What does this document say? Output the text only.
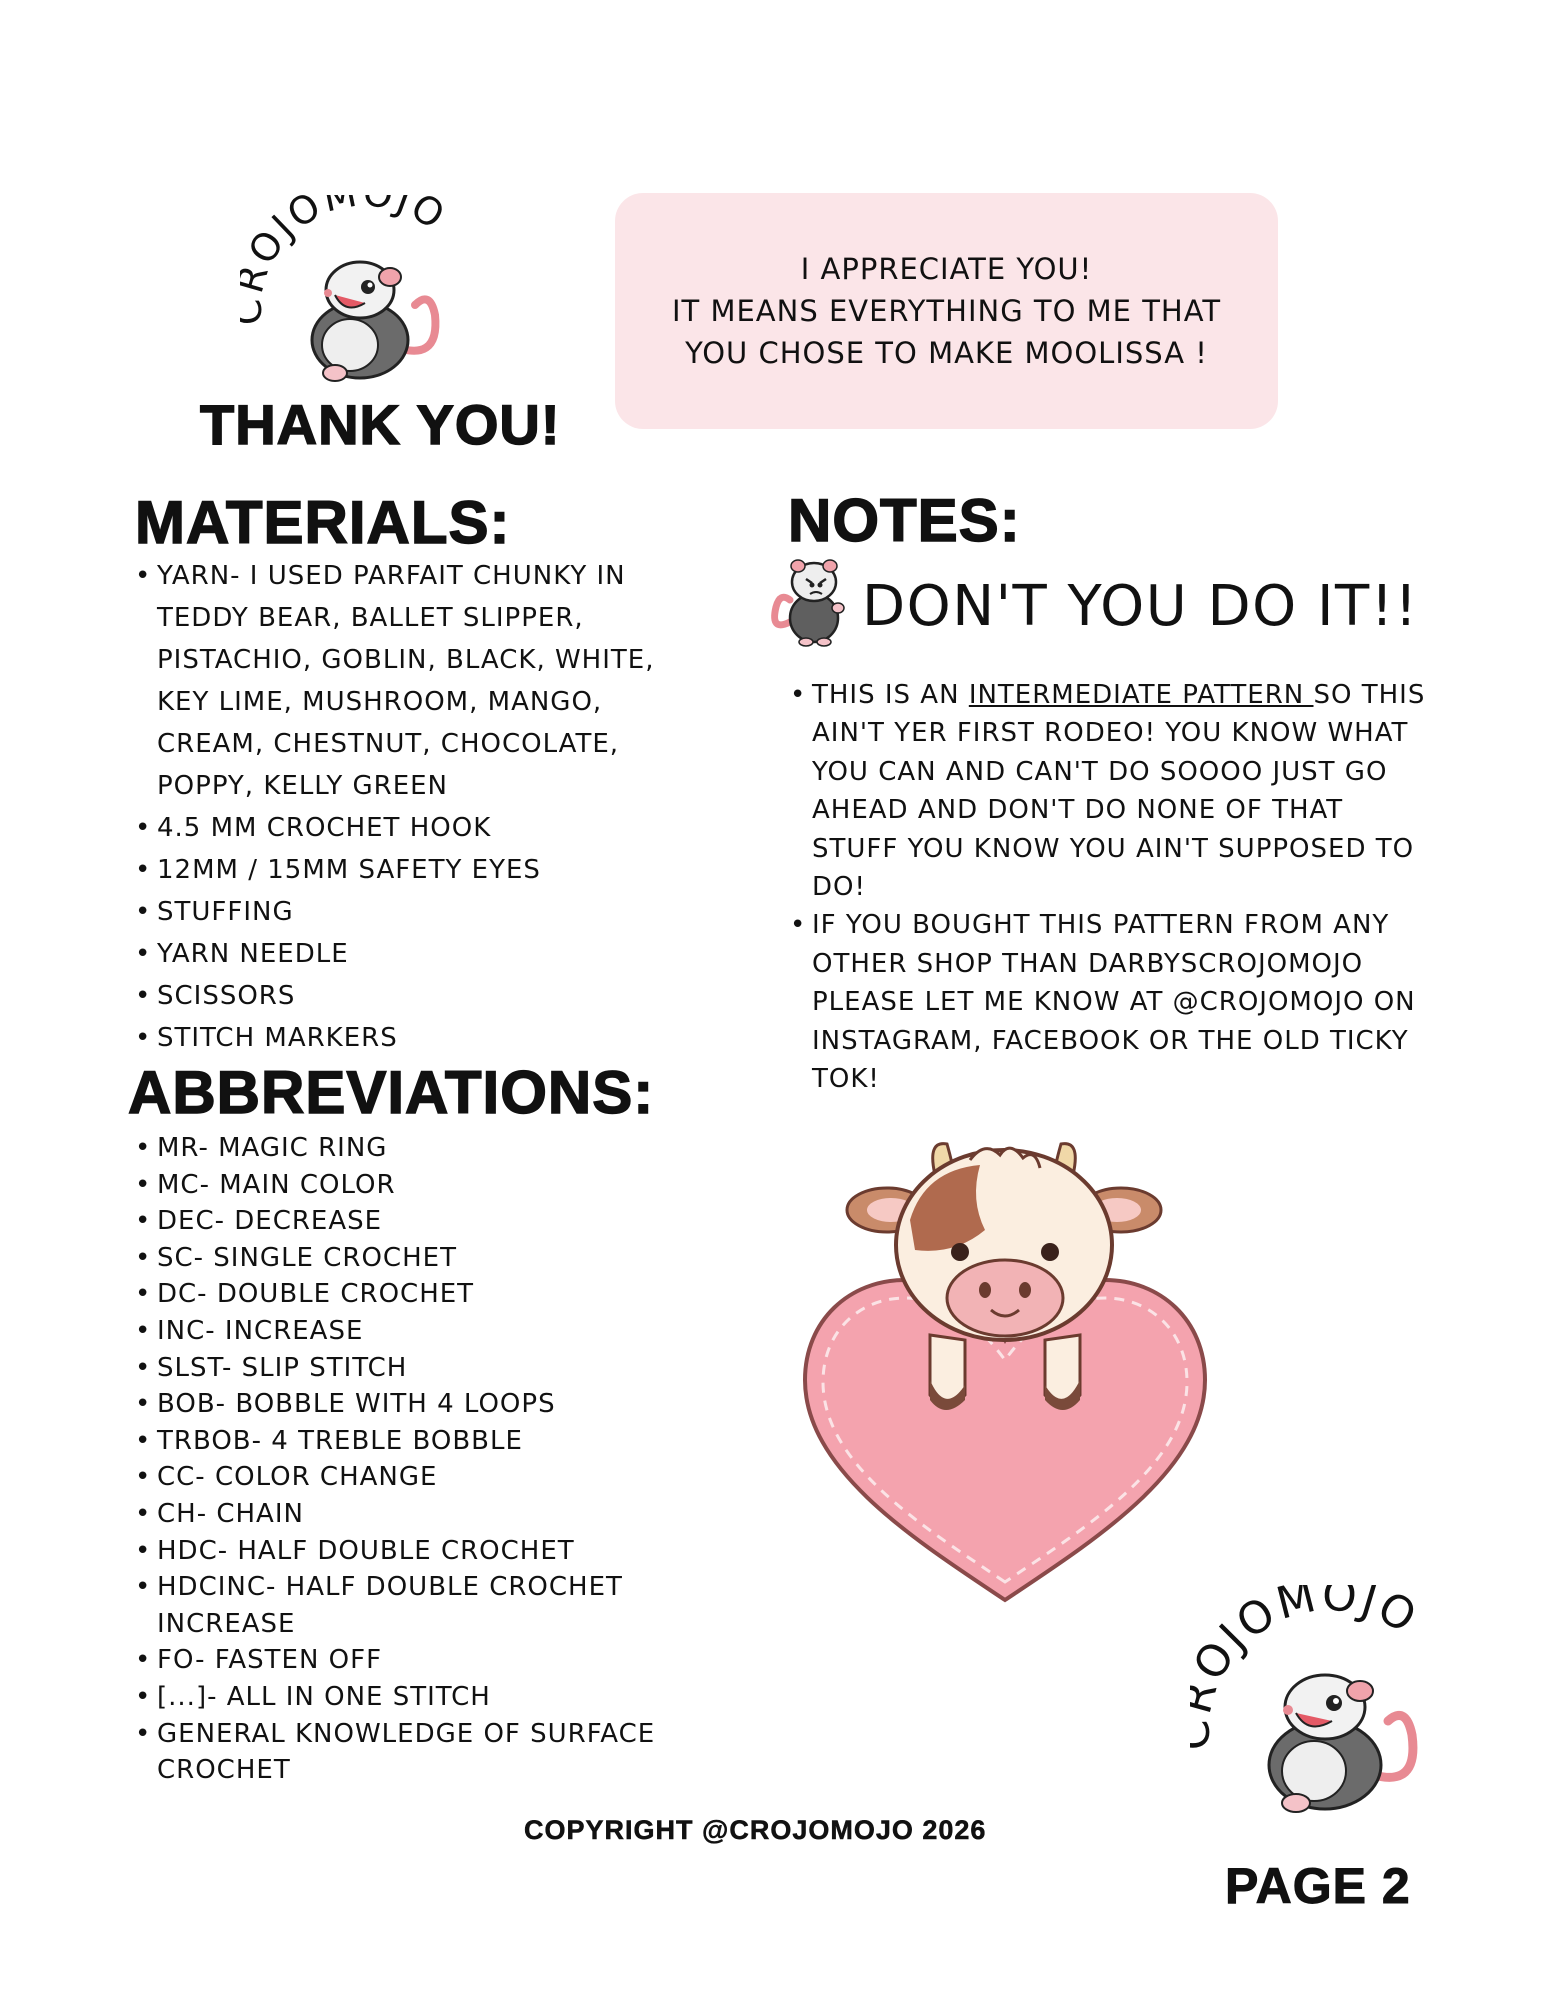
OJOM JO
THANK YOU!
I APPRECIATE YOU!
IT MEANS EVERYTHING TO ME THAT
YOU CHOSE TO MAKE MOOLISSA !
MATERIALS:
• YARN- I USED PARFAIT CHUNKY IN TEDDY BEAR, BALLET SLIPPER, PISTACHIO, GOBLIN, BLACK, WHITE, KEY LIME, MUSHROOM, MANGO, CREAM, CHESTNUT, CHOCOLATE, POPPY, KELLY GREEN
• 4.5 MM CROCHET HOOK
• 12MM / 15MM SAFETY EYES
• STUFFING
• YARN NEEDLE
• SCISSORS
• STITCH MARKERS
ABBREVIATIONS:
• MR- MAGIC RING
• MC- MAIN COLOR
• DEC- DECREASE
• SC- SINGLE CROCHET
• DC- DOUBLE CROCHET
• INC- INCREASE
• SLST- SLIP STITCH
• BOB- BOBBLE WITH 4 LOOPS
• TRBOB- 4 TREBLE BOBBLE
• CC- COLOR CHANGE
• CH- CHAIN
• HDC- HALF DOUBLE CROCHET
• HDCINC- HALF DOUBLE CROCHET INCREASE
• FO- FASTEN OFF
• [...]- ALL IN ONE STITCH
• GENERAL KNOWLEDGE OF SURFACE CROCHET
NOTES:
DON'T YOU DO IT!!
• THIS IS AN INTERMEDIATE PATTERN SO THIS AIN'T YER FIRST RODEO! YOU KNOW WHAT YOU CAN AND CAN'T DO SOOOO JUST GO AHEAD AND DON'T DO NONE OF THAT STUFF YOU KNOW YOU AIN'T SUPPOSED TO DO!
• IF YOU BOUGHT THIS PATTERN FROM ANY OTHER SHOP THAN DARBYSCROJOMOJO PLEASE LET ME KNOW AT @CROJOMOJO ON INSTAGRAM, FACEBOOK OR THE OLD TICKY TOK!
JOMOJO
COPYRIGHT @CROJOMOJO 2026
PAGE 2
